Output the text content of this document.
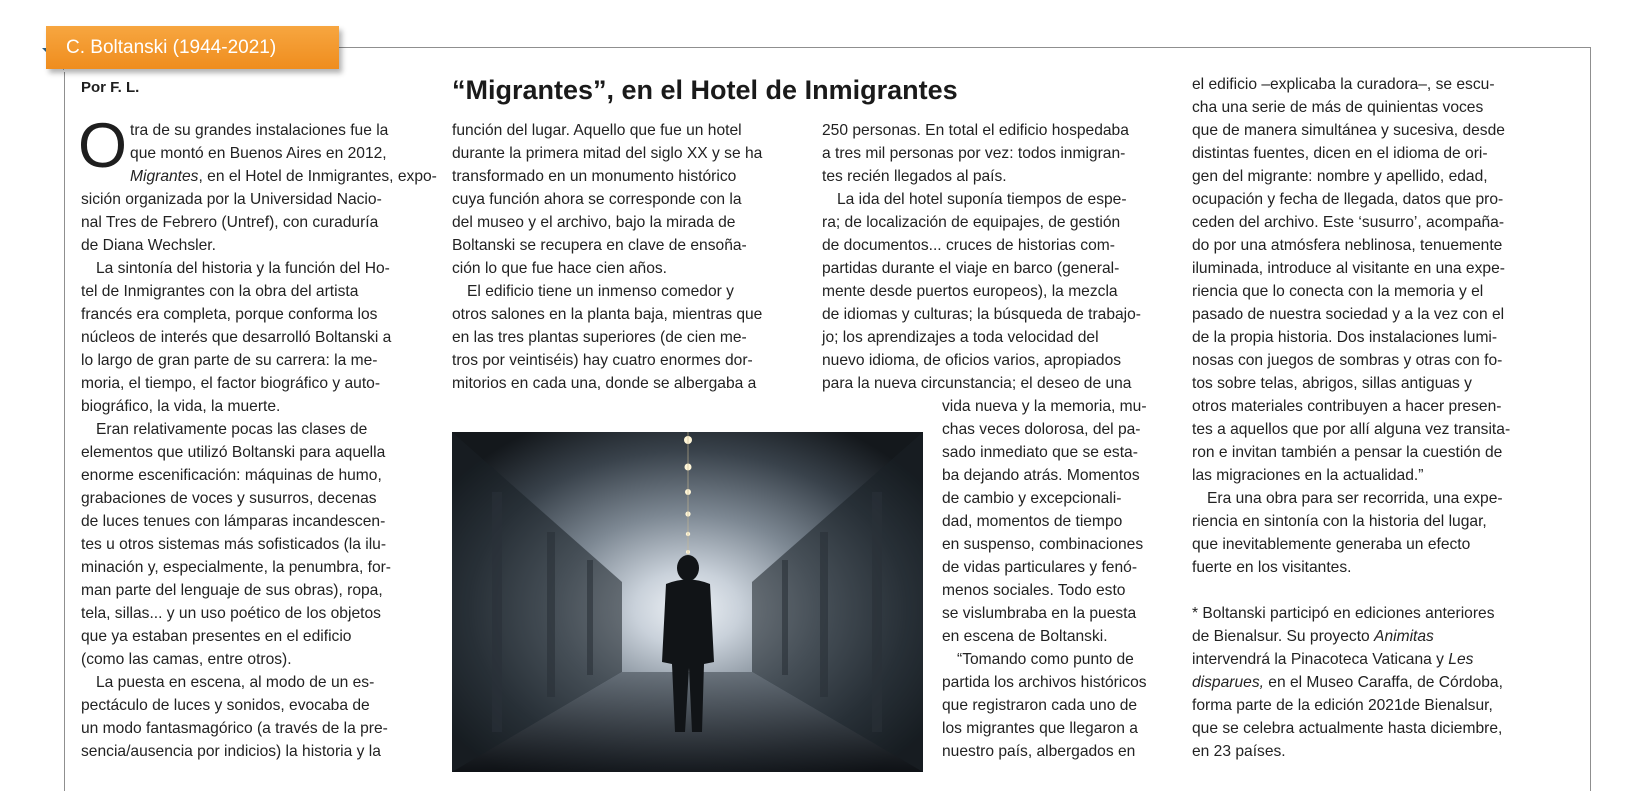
C. Boltanski (1944-2021)
Por F. L.	“Migrantes”, en el Hotel de Inmigrantes
O tra de su grandes instalaciones fue la
que montó en Buenos Aires en 2012,
Migrantes, en el Hotel de Inmigrantes, expo-
sición organizada por la Universidad Nacio-
nal Tres de Febrero (Untref), con curaduría
de Diana Wechsler.
La sintonía del historia y la función del Ho-
tel de Inmigrantes con la obra del artista
francés era completa, porque conforma los
núcleos de interés que desarrolló Boltanski a
lo largo de gran parte de su carrera: la me-
moria, el tiempo, el factor biográfico y auto-
biográfico, la vida, la muerte.
Eran relativamente pocas las clases de
elementos que utilizó Boltanski para aquella
enorme escenificación: máquinas de humo,
grabaciones de voces y susurros, decenas
de luces tenues con lámparas incandescen-
tes u otros sistemas más sofisticados (la ilu-
minación y, especialmente, la penumbra, for-
man parte del lenguaje de sus obras), ropa,
tela, sillas... y un uso poético de los objetos
que ya estaban presentes en el edificio
(como las camas, entre otros).
La puesta en escena, al modo de un es-
pectáculo de luces y sonidos, evocaba de
un modo fantasmagórico (a través de la pre-
sencia/ausencia por indicios) la historia y la
función del lugar. Aquello que fue un hotel
durante la primera mitad del siglo XX y se ha
transformado en un monumento histórico
cuya función ahora se corresponde con la
del museo y el archivo, bajo la mirada de
Boltanski se recupera en clave de ensoña-
ción lo que fue hace cien años.
El edificio tiene un inmenso comedor y
otros salones en la planta baja, mientras que
en las tres plantas superiores (de cien me-
tros por veintiséis) hay cuatro enormes dor-
mitorios en cada una, donde se albergaba a
250 personas. En total el edificio hospedaba
a tres mil personas por vez: todos inmigran-
tes recién llegados al país.
La ida del hotel suponía tiempos de espe-
ra; de localización de equipajes, de gestión
de documentos... cruces de historias com-
partidas durante el viaje en barco (general-
mente desde puertos europeos), la mezcla
de idiomas y culturas; la búsqueda de trabajo-
jo; los aprendizajes a toda velocidad del
nuevo idioma, de oficios varios, apropiados
para la nueva circunstancia; el deseo de una
vida nueva y la memoria, mu-
chas veces dolorosa, del pa-
sado inmediato que se esta-
ba dejando atrás. Momentos
de cambio y excepcionali-
dad, momentos de tiempo
en suspenso, combinaciones
de vidas particulares y fenó-
menos sociales. Todo esto
se vislumbraba en la puesta
en escena de Boltanski.
“Tomando como punto de
partida los archivos históricos
que registraron cada uno de
los migrantes que llegaron a
nuestro país, albergados en
el edificio –explicaba la curadora–, se escu-
cha una serie de más de quinientas voces
que de manera simultánea y sucesiva, desde
distintas fuentes, dicen en el idioma de ori-
gen del migrante: nombre y apellido, edad,
ocupación y fecha de llegada, datos que pro-
ceden del archivo. Este ‘susurro’, acompaña-
do por una atmósfera neblinosa, tenuemente
iluminada, introduce al visitante en una expe-
riencia que lo conecta con la memoria y el
pasado de nuestra sociedad y a la vez con el
de la propia historia. Dos instalaciones lumi-
nosas con juegos de sombras y otras con fo-
tos sobre telas, abrigos, sillas antiguas y
otros materiales contribuyen a hacer presen-
tes a aquellos que por allí alguna vez transita-
ron e invitan también a pensar la cuestión de
las migraciones en la actualidad.”
Era una obra para ser recorrida, una expe-
riencia en sintonía con la historia del lugar,
que inevitablemente generaba un efecto
fuerte en los visitantes.
* Boltanski participó en ediciones anteriores
de Bienalsur. Su proyecto Animitas
intervendrá la Pinacoteca Vaticana y Les
disparues, en el Museo Caraffa, de Córdoba,
forma parte de la edición 2021de Bienalsur,
que se celebra actualmente hasta diciembre,
en 23 países.
